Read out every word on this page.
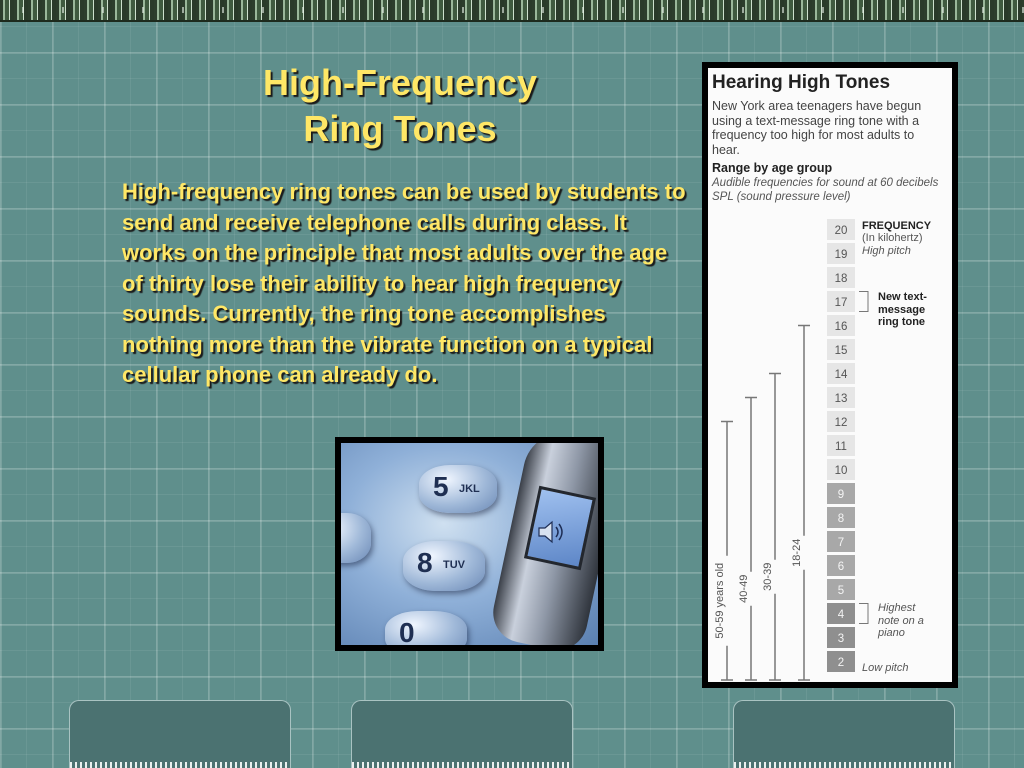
High-Frequency
Ring Tones

High-frequency ring tones can be used by students to send and receive telephone calls during class. It works on the principle that most adults over the age of thirty lose their ability to hear high frequency sounds. Currently, the ring tone accomplishes nothing more than the vibrate function on a typical cellular phone can already do.

5 JKL
8 TUV
0
Hearing High Tones

New York area teenagers have begun using a text-message ring tone with a frequency too high for most adults to hear.

Range by age group

Audible frequencies for sound at 60 decibels SPL (sound pressure level)

FREQUENCY

(In kilohertz)

High pitch

New text-
message
ring tone

Highest
note on a
piano

Low pitch

20
19
18
17
16
15
14
13
12
11
10
9
8
7
6
5
4
3
2
50-59 years old 40-49 30-39
18-24
